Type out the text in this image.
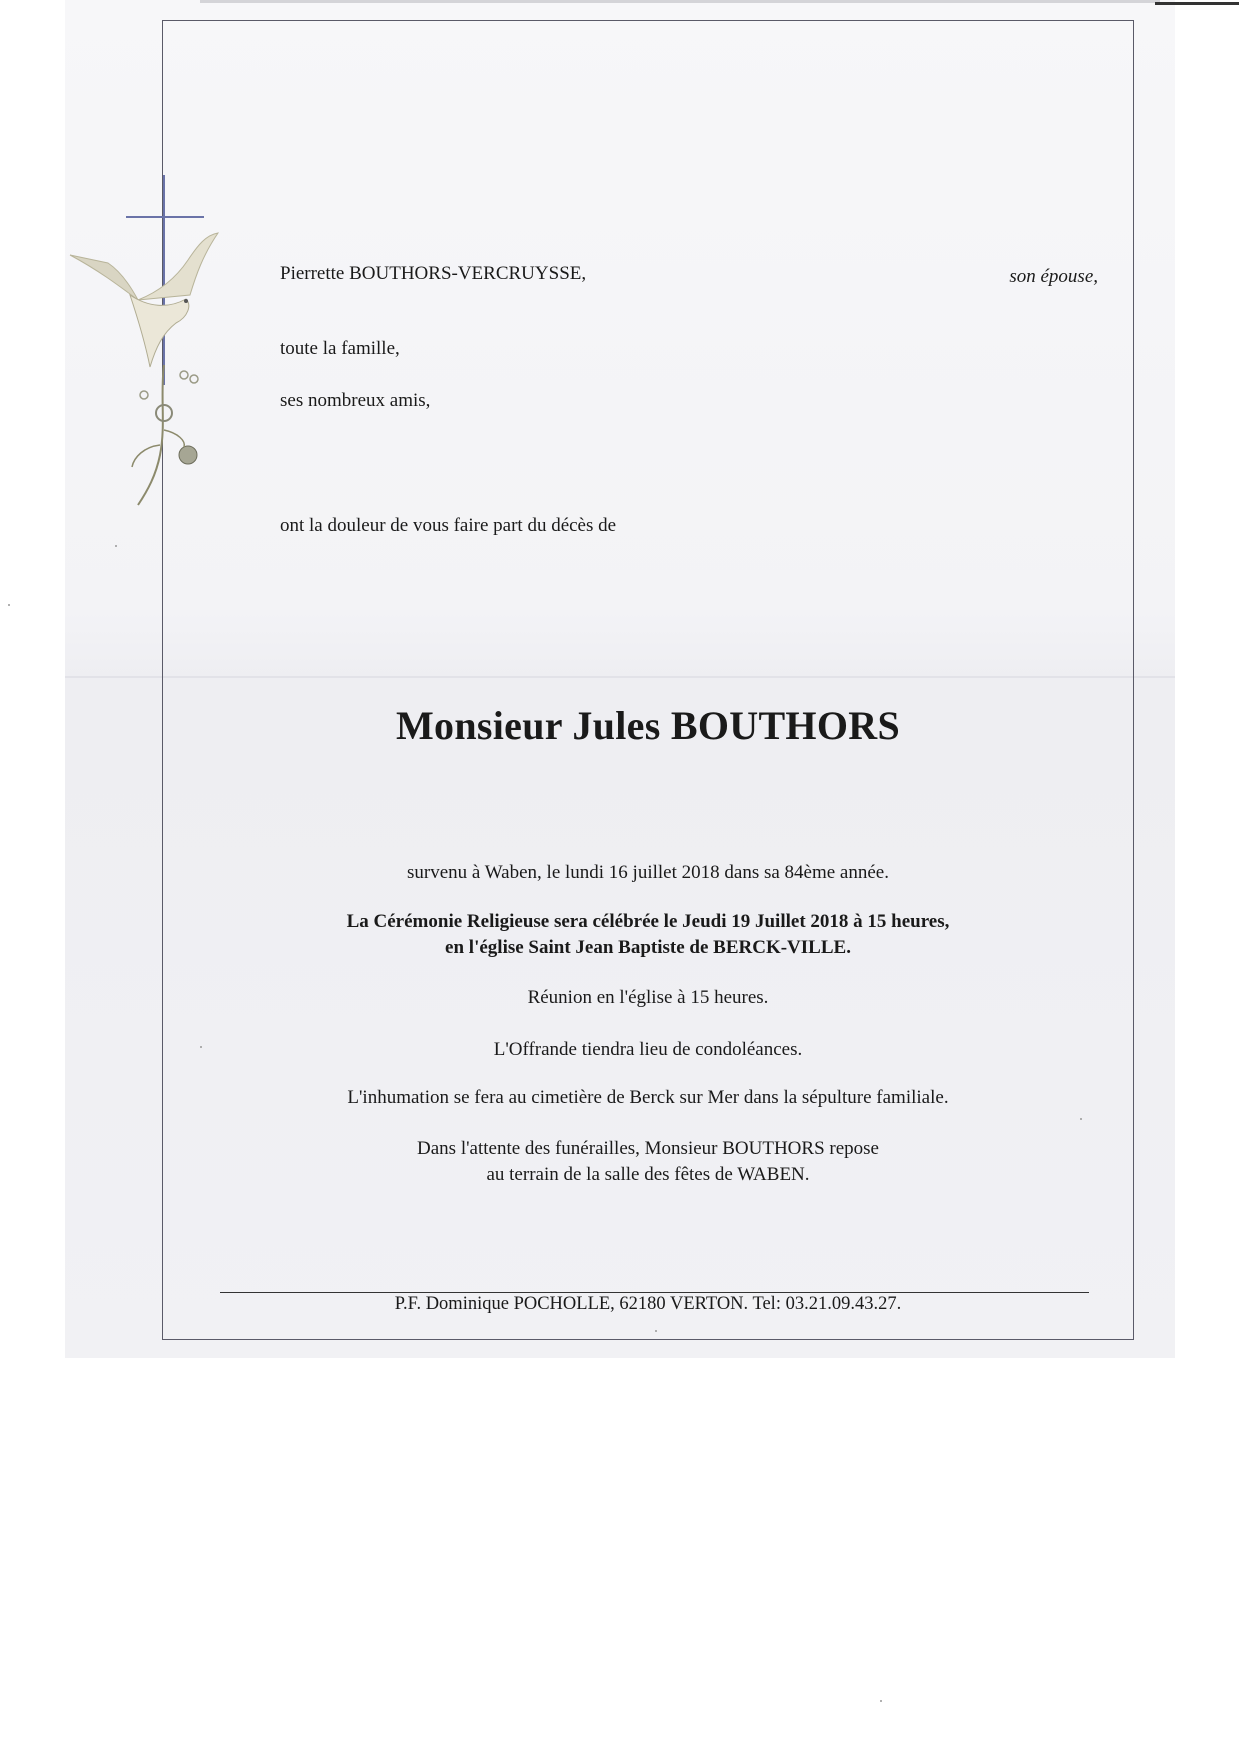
Pierrette BOUTHORS-VERCRUYSSE,	son épouse,
toute la famille,
ses nombreux amis,
ont la douleur de vous faire part du décès de
Monsieur Jules BOUTHORS
survenu à Waben, le lundi 16 juillet 2018 dans sa 84ème année.
La Cérémonie Religieuse sera célébrée le Jeudi 19 Juillet 2018 à 15 heures,
en l'église Saint Jean Baptiste de BERCK-VILLE.
Réunion en l'église à 15 heures.
L'Offrande tiendra lieu de condoléances.
L'inhumation se fera au cimetière de Berck sur Mer dans la sépulture familiale.
Dans l'attente des funérailles, Monsieur BOUTHORS repose
au terrain de la salle des fêtes de WABEN.
P.F. Dominique POCHOLLE, 62180 VERTON. Tel: 03.21.09.43.27.
